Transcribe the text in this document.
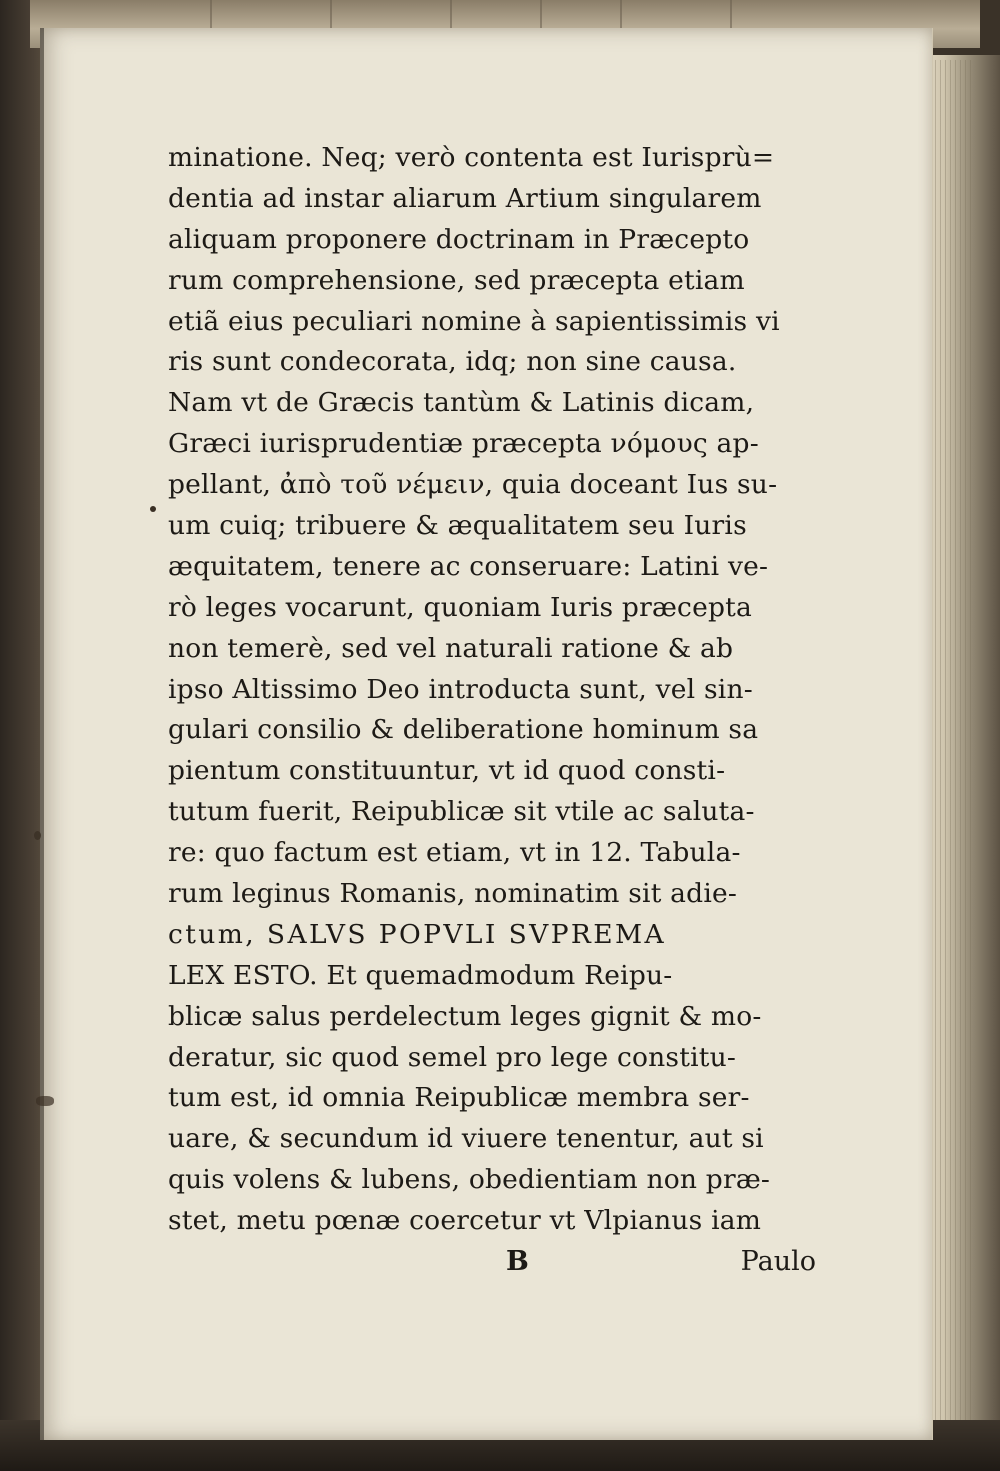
minatione. Neq; verò contenta est Iurisprù=
dentia ad instar aliarum Artium singularem
aliquam proponere doctrinam in Præcepto
rum comprehensione, sed præcepta etiam
etiã eius peculiari nomine à sapientissimis vi
ris sunt condecorata, idq; non sine causa.
Nam vt de Græcis tantùm & Latinis dicam,
Græci iurisprudentiæ præcepta νόμους ap-
pellant, ἀπὸ τοῦ νέμειν, quia doceant Ius su-
um cuiq; tribuere & æqualitatem seu Iuris
æquitatem, tenere ac conseruare: Latini ve-
rò leges vocarunt, quoniam Iuris præcepta
non temerè, sed vel naturali ratione & ab
ipso Altissimo Deo introducta sunt, vel sin-
gulari consilio & deliberatione hominum sa
pientum constituuntur, vt id quod consti-
tutum fuerit, Reipublicæ sit vtile ac saluta-
re: quo factum est etiam, vt in 12. Tabula-
rum leginus Romanis, nominatim sit adie-
ctum, SALVS POPVLI SVPREMA
LEX ESTO. Et quemadmodum Reipu-
blicæ salus perdelectum leges gignit & mo-
deratur, sic quod semel pro lege constitu-
tum est, id omnia Reipublicæ membra ser-
uare, & secundum id viuere tenentur, aut si
quis volens & lubens, obedientiam non præ-
stet, metu pœnæ coercetur vt Vlpianus iam
B	Paulo
